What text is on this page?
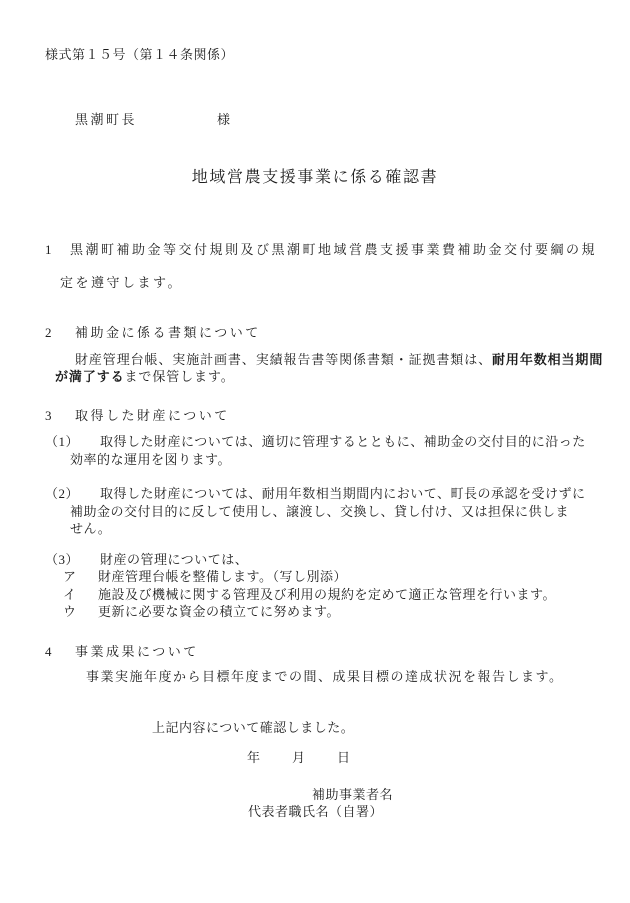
様式第１５号（第１４条関係）
黒潮町長	様
地域営農支援事業に係る確認書
1 黒潮町補助金等交付規則及び黒潮町地域営農支援事業費補助金交付要綱の規
定を遵守します。
2 補助金に係る書類について
財産管理台帳、実施計画書、実績報告書等関係書類・証拠書類は、耐用年数相当期間
が満了するまで保管します。
3 取得した財産について
（1） 取得した財産については、適切に管理するとともに、補助金の交付目的に沿った
効率的な運用を図ります。
（2） 取得した財産については、耐用年数相当期間内において、町長の承認を受けずに
補助金の交付目的に反して使用し、譲渡し、交換し、貸し付け、又は担保に供しま
せん。
（3） 財産の管理については、
ア 財産管理台帳を整備します。（写し別添）
イ 施設及び機械に関する管理及び利用の規約を定めて適正な管理を行います。
ウ 更新に必要な資金の積立てに努めます。
4 事業成果について
事業実施年度から目標年度までの間、成果目標の達成状況を報告します。
上記内容について確認しました。
年　　月　　日
補助事業者名
代表者職氏名（自署）
